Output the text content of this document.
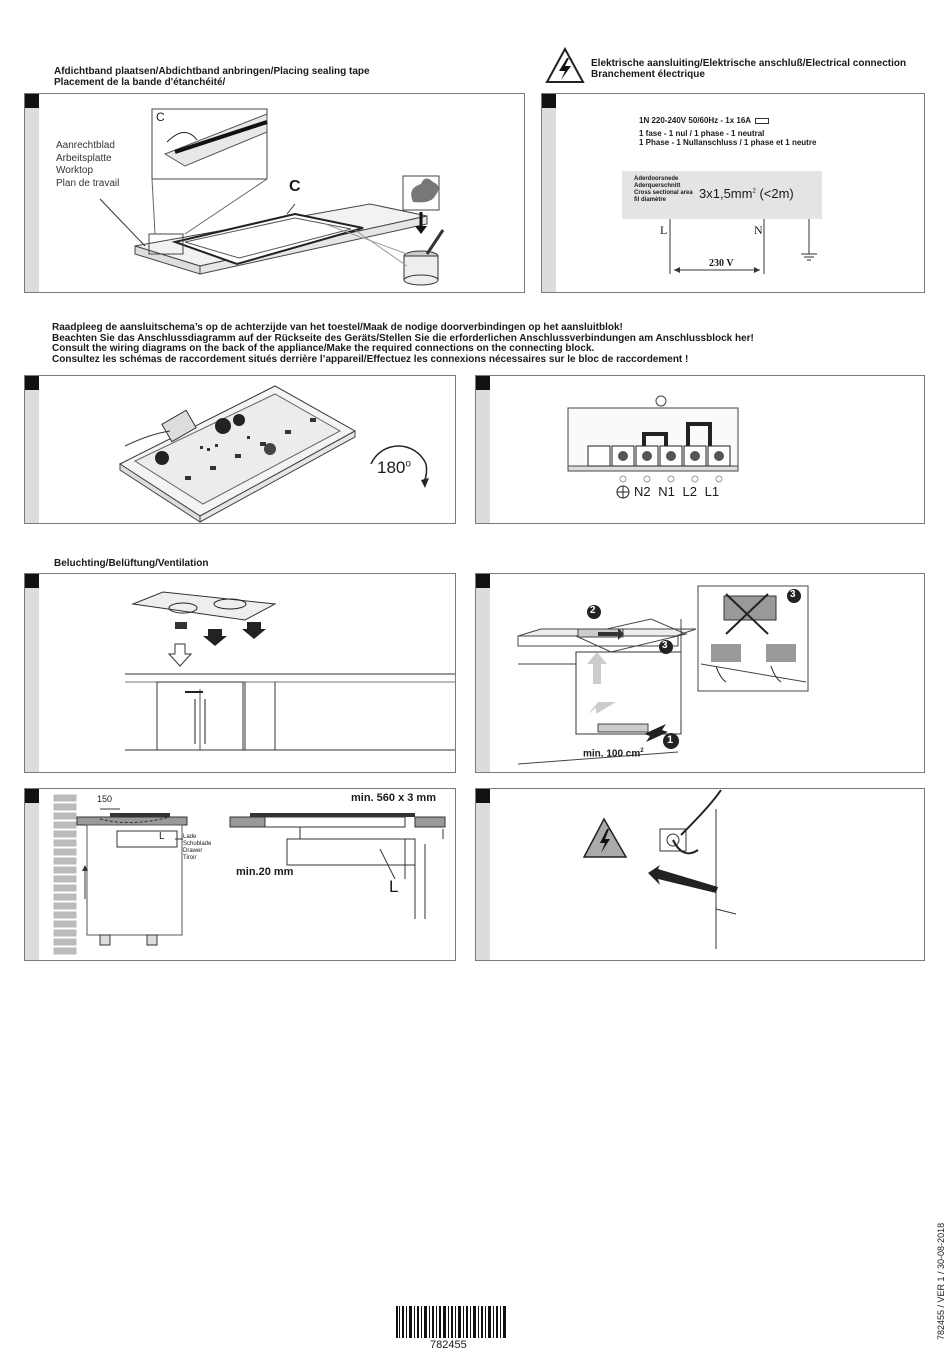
Afdichtband plaatsen/Abdichtband anbringen/Placing sealing tape
Placement de la bande d'étanchéité/
Elektrische aansluiting/Elektrische anschluß/Electrical connection
Branchement électrique
Aanrechtblad
Arbeitsplatte
Worktop
Plan de travail
C
C
1N 220-240V 50/60Hz - 1x 16A
1 fase - 1 nul / 1 phase - 1 neutral
1 Phase - 1 Nullanschluss / 1 phase et 1 neutre
Aderdoorsnede
Aderquerschnitt
Cross sectional area
fil diamètre	$3x1,5mm^2$ (<2m)
L	N
230 V
Raadpleeg de aansluitschema’s op de achterzijde van het toestel/Maak de nodige doorverbindingen op het aansluitblok!
Beachten Sie das Anschlussdiagramm auf der Rückseite des Geräts/Stellen Sie die erforderlichen Anschlussverbindungen am Anschlussblock her!
Consult the wiring diagrams on the back of the appliance/Make the required connections on the connecting block.
Consultez les schémas de raccordement situés derrière l’appareil/Effectuez les connexions nécessaires sur le bloc de raccordement !
180$^o$
N2 N1 L2 L1
Beluchting/Belüftung/Ventilation
2
3
3
1
min. 100 $cm^2$
150
L	Lade
Schublade
Drawer
Tiroir
min. 560 x 3 mm
min.20 mm
L
782455
782455 / VER 1 / 30-08-2018
